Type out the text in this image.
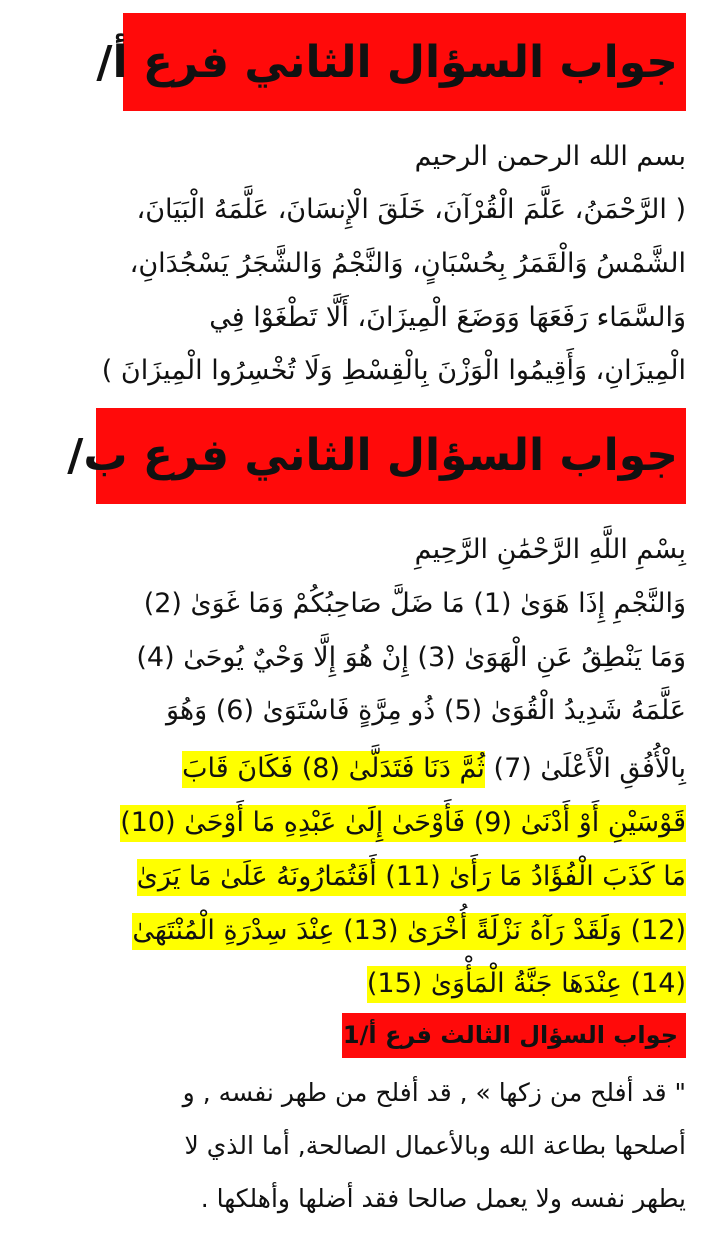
جواب السؤال الثاني فرع أ/
بسم الله الرحمن الرحيم
( الرَّحْمَنُ، عَلَّمَ الْقُرْآنَ، خَلَقَ الْإِنسَانَ، عَلَّمَهُ الْبَيَانَ،
الشَّمْسُ وَالْقَمَرُ بِحُسْبَانٍ، وَالنَّجْمُ وَالشَّجَرُ يَسْجُدَانِ،
وَالسَّمَاء رَفَعَهَا وَوَضَعَ الْمِيزَانَ، أَلَّا تَطْغَوْا فِي
الْمِيزَانِ، وَأَقِيمُوا الْوَزْنَ بِالْقِسْطِ وَلَا تُخْسِرُوا الْمِيزَانَ )
جواب السؤال الثاني فرع ب/
بِسْمِ اللَّهِ الرَّحْمَٰنِ الرَّحِيمِ
وَالنَّجْمِ إِذَا هَوَىٰ (1) مَا ضَلَّ صَاحِبُكُمْ وَمَا غَوَىٰ (2)
وَمَا يَنْطِقُ عَنِ الْهَوَىٰ (3) إِنْ هُوَ إِلَّا وَحْيٌ يُوحَىٰ (4)
عَلَّمَهُ شَدِيدُ الْقُوَىٰ (5) ذُو مِرَّةٍ فَاسْتَوَىٰ (6) وَهُوَ
بِالْأُفُقِ الْأَعْلَىٰ (7) ثُمَّ دَنَا فَتَدَلَّىٰ (8) فَكَانَ قَابَ
قَوْسَيْنِ أَوْ أَدْنَىٰ (9) فَأَوْحَىٰ إِلَىٰ عَبْدِهِ مَا أَوْحَىٰ (10)
مَا كَذَبَ الْفُؤَادُ مَا رَأَىٰ (11) أَفَتُمَارُونَهُ عَلَىٰ مَا يَرَىٰ
(12) وَلَقَدْ رَآهُ نَزْلَةً أُخْرَىٰ (13) عِنْدَ سِدْرَةِ الْمُنْتَهَىٰ
(14) عِنْدَهَا جَنَّةُ الْمَأْوَىٰ (15)
جواب السؤال الثالث فرع أ/1
" قد أفلح من زكها » , قد أفلح من طهر نفسه , و
أصلحها بطاعة الله وبالأعمال الصالحة, أما الذي لا
يطهر نفسه ولا يعمل صالحا فقد أضلها وأهلكها .
